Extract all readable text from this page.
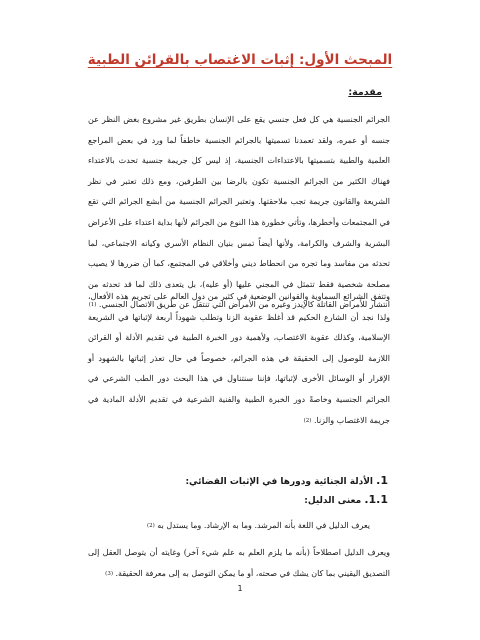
المبحث الأول: إثبات الاغتصاب بالقرائن الطبية
مقدمة:
الجرائم الجنسية هي كل فعل جنسي يقع على الإنسان بطريق غير مشروع بغض النظر عن جنسه أو عمره، ولقد تعمدنا تسميتها بالجرائم الجنسية خاطفاً لما ورد في بعض المراجع العلمية والطبية بتسميتها بالاعتداءات الجنسية، إذ ليس كل جريمة جنسية تحدث بالاعتداء فهناك الكثير من الجرائم الجنسية تكون بالرضا بين الطرفين، ومع ذلك تعتبر في نظر الشريعة والقانون جريمة تجب ملاحقتها. وتعتبر الجرائم الجنسية من أبشع الجرائم التي تقع في المجتمعات وأخطرها، وتأتي خطورة هذا النوع من الجرائم لأنها بداية اعتداء على الأعراض البشرية والشرف والكرامة، ولأنها أيضاً تمس بنيان النظام الأسري وكيانه الاجتماعي، لما تحدثه من مفاسد وما تجره من انحطاط ديني وأخلاقي في المجتمع، كما أن ضررها لا يصيب مصلحة شخصية فقط تتمثل في المجني عليها (أو عليه)، بل يتعدى ذلك لما قد تحدثه من انتشار للأمراض القاتلة كالإيدز وغيره من الأمراض التي تنتقل عن طريق الاتصال الجنسي. (1)
وتتفق الشرائع السماوية والقوانين الوضعية في كثير من دول العالم على تجريم هذه الأفعال، ولذا نجد أن الشارع الحكيم قد أغلظ عقوبة الزنا وتطلب شهوداً أربعة لإثباتها في الشريعة الإسلامية، وكذلك عقوبة الاغتصاب، ولأهمية دور الخبرة الطبية في تقديم الأدلة أو القرائن اللازمة للوصول إلى الحقيقة في هذه الجرائم، خصوصاً في حال تعذر إثباتها بالشهود أو الإقرار أو الوسائل الأخرى لإثباتها، فإننا سنتناول في هذا البحث دور الطب الشرعي في الجرائم الجنسية وخاصةً دور الخبرة الطبية والفنية الشرعية في تقديم الأدلة المادية في جريمة الاغتصاب والزنا. (2)
1. الأدلة الجنائية ودورها في الإثبات القضائي:
1.1. معنى الدليل:
يعرف الدليل في اللغة بأنه المرشد. وما به الإرشاد. وما يستدل به (2)
ويعرف الدليل اصطلاحاً (بأنه ما يلزم العلم به علم شيء آخر) وغايته أن يتوصل العقل إلى التصديق اليقيني بما كان يشك في صحته، أو ما يمكن التوصل به إلى معرفة الحقيقة. (3)
1
